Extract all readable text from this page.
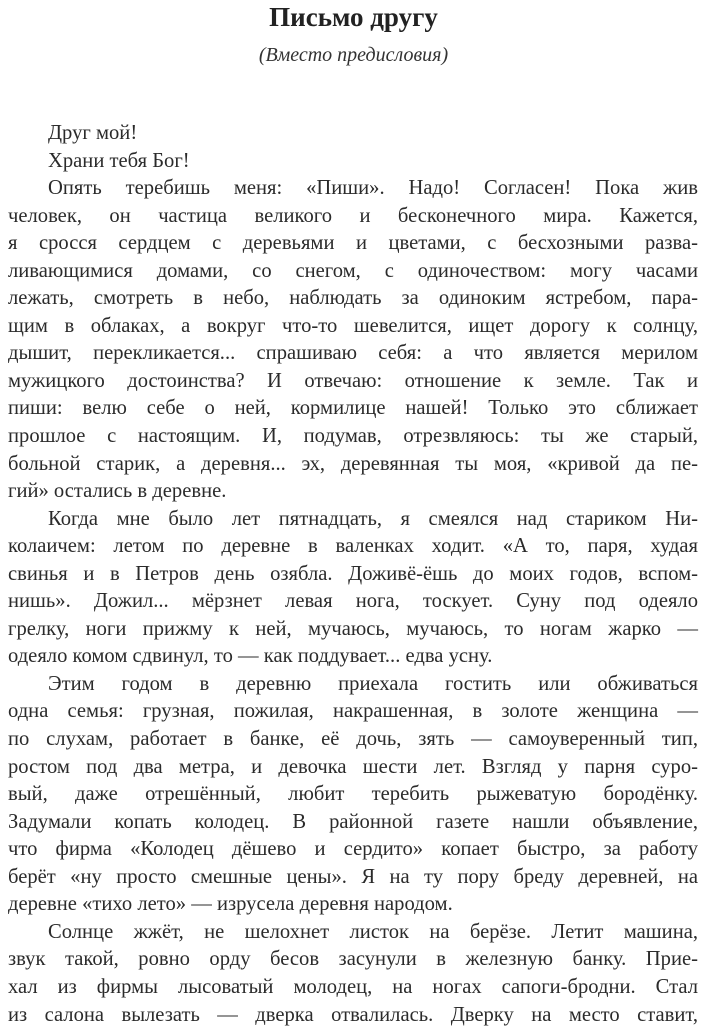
Письмо другу
(Вместо предисловия)
Друг мой!
Храни тебя Бог!
Опять теребишь меня: «Пиши». Надо! Согласен! Пока жив
человек, он частица великого и бесконечного мира. Кажется,
я сросся сердцем с деревьями и цветами, с бесхозными разва-
ливающимися домами, со снегом, с одиночеством: могу часами
лежать, смотреть в небо, наблюдать за одиноким ястребом, пара-
щим в облаках, а вокруг что-то шевелится, ищет дорогу к солнцу,
дышит, перекликается... спрашиваю себя: а что является мерилом
мужицкого достоинства? И отвечаю: отношение к земле. Так и
пиши: велю себе о ней, кормилице нашей! Только это сближает
прошлое с настоящим. И, подумав, отрезвляюсь: ты же старый,
больной старик, а деревня... эх, деревянная ты моя, «кривой да пе-
гий» остались в деревне.
Когда мне было лет пятнадцать, я смеялся над стариком Ни-
колаичем: летом по деревне в валенках ходит. «А то, паря, худая
свинья и в Петров день озябла. Доживё-ёшь до моих годов, вспом-
нишь». Дожил... мёрзнет левая нога, тоскует. Суну под одеяло
грелку, ноги прижму к ней, мучаюсь, мучаюсь, то ногам жарко —
одеяло комом сдвинул, то — как поддувает... едва усну.
Этим годом в деревню приехала гостить или обживаться
одна семья: грузная, пожилая, накрашенная, в золоте женщина —
по слухам, работает в банке, её дочь, зять — самоуверенный тип,
ростом под два метра, и девочка шести лет. Взгляд у парня суро-
вый, даже отрешённый, любит теребить рыжеватую бородёнку.
Задумали копать колодец. В районной газете нашли объявление,
что фирма «Колодец дёшево и сердито» копает быстро, за работу
берёт «ну просто смешные цены». Я на ту пору бреду деревней, на
деревне «тихо лето» — изрусела деревня народом.
Солнце жжёт, не шелохнет листок на берёзе. Летит машина,
звук такой, ровно орду бесов засунули в железную банку. Прие-
хал из фирмы лысоватый молодец, на ногах сапоги-бродни. Стал
из салона вылезать — дверка отвалилась. Дверку на место ставит,
